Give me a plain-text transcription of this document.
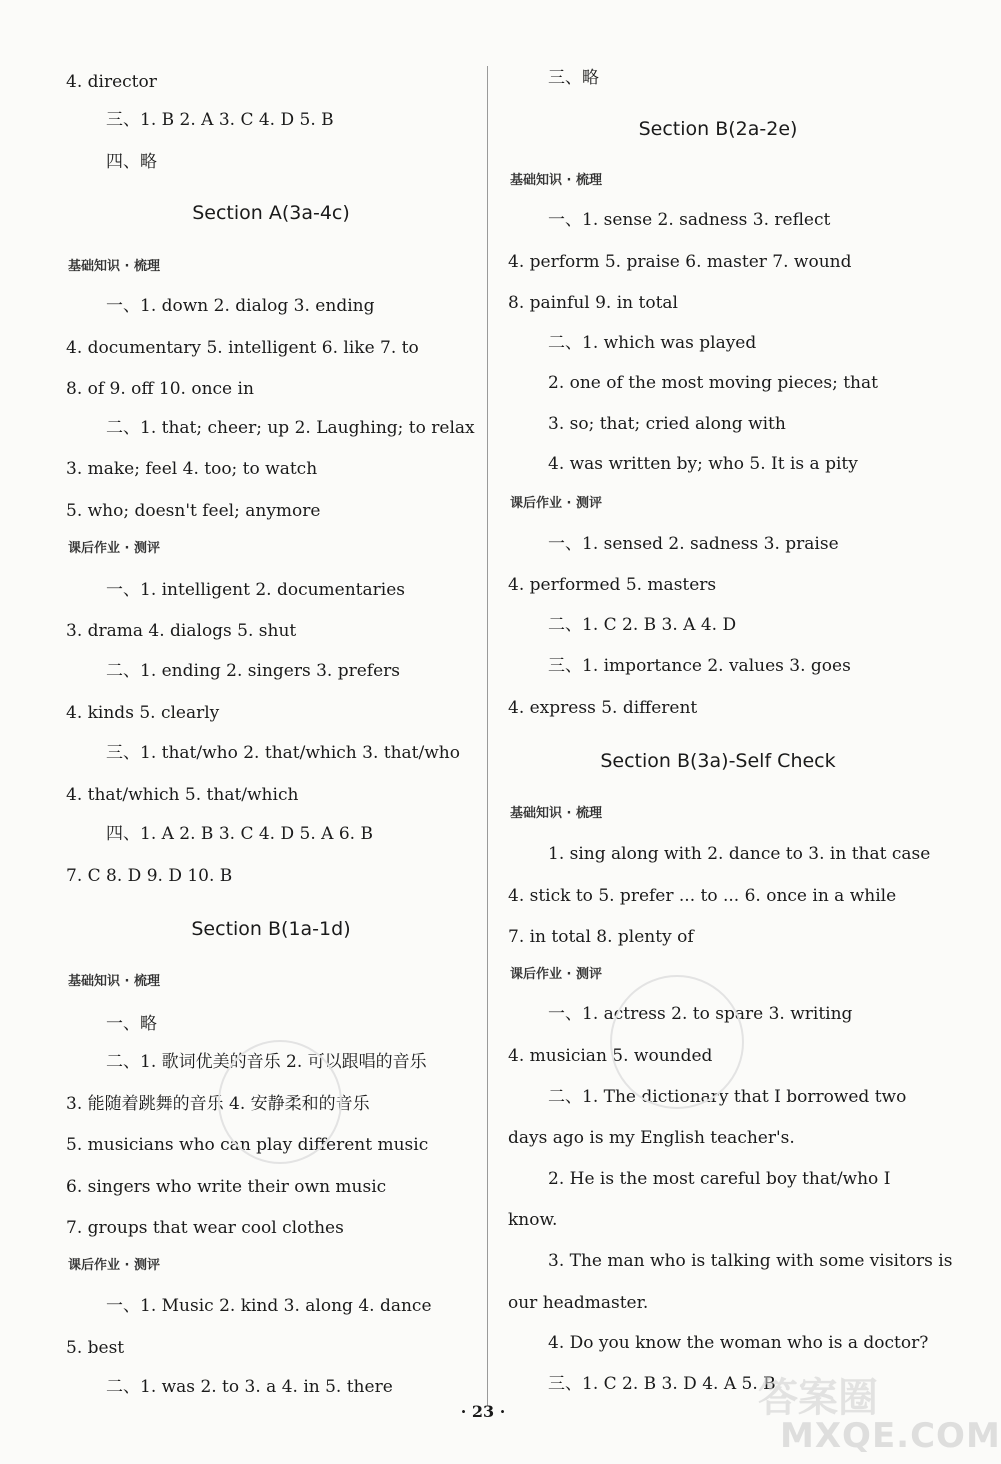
4. director
三、1. B 2. A 3. C 4. D 5. B
四、略
Section A(3a-4c)
基础知识 · 梳理
一、1. down 2. dialog 3. ending
4. documentary 5. intelligent 6. like 7. to
8. of 9. off 10. once in
二、1. that; cheer; up 2. Laughing; to relax
3. make; feel 4. too; to watch
5. who; doesn't feel; anymore
课后作业 · 测评
一、1. intelligent 2. documentaries
3. drama 4. dialogs 5. shut
二、1. ending 2. singers 3. prefers
4. kinds 5. clearly
三、1. that/who 2. that/which 3. that/who
4. that/which 5. that/which
四、1. A 2. B 3. C 4. D 5. A 6. B
7. C 8. D 9. D 10. B
Section B(1a-1d)
基础知识 · 梳理
一、略
二、1. 歌词优美的音乐 2. 可以跟唱的音乐
3. 能随着跳舞的音乐 4. 安静柔和的音乐
5. musicians who can play different music
6. singers who write their own music
7. groups that wear cool clothes
课后作业 · 测评
一、1. Music 2. kind 3. along 4. dance
5. best
二、1. was 2. to 3. a 4. in 5. there
三、略
Section B(2a-2e)
基础知识 · 梳理
一、1. sense 2. sadness 3. reflect
4. perform 5. praise 6. master 7. wound
8. painful 9. in total
二、1. which was played
2. one of the most moving pieces; that
3. so; that; cried along with
4. was written by; who 5. It is a pity
课后作业 · 测评
一、1. sensed 2. sadness 3. praise
4. performed 5. masters
二、1. C 2. B 3. A 4. D
三、1. importance 2. values 3. goes
4. express 5. different
Section B(3a)-Self Check
基础知识 · 梳理
1. sing along with 2. dance to 3. in that case
4. stick to 5. prefer ... to ... 6. once in a while
7. in total 8. plenty of
课后作业 · 测评
一、1. actress 2. to spare 3. writing
4. musician 5. wounded
二、1. The dictionary that I borrowed two
days ago is my English teacher's.
2. He is the most careful boy that/who I
know.
3. The man who is talking with some visitors is
our headmaster.
4. Do you know the woman who is a doctor?
三、1. C 2. B 3. D 4. A 5. B
· 23 ·	答案圈
MXQE.COM
